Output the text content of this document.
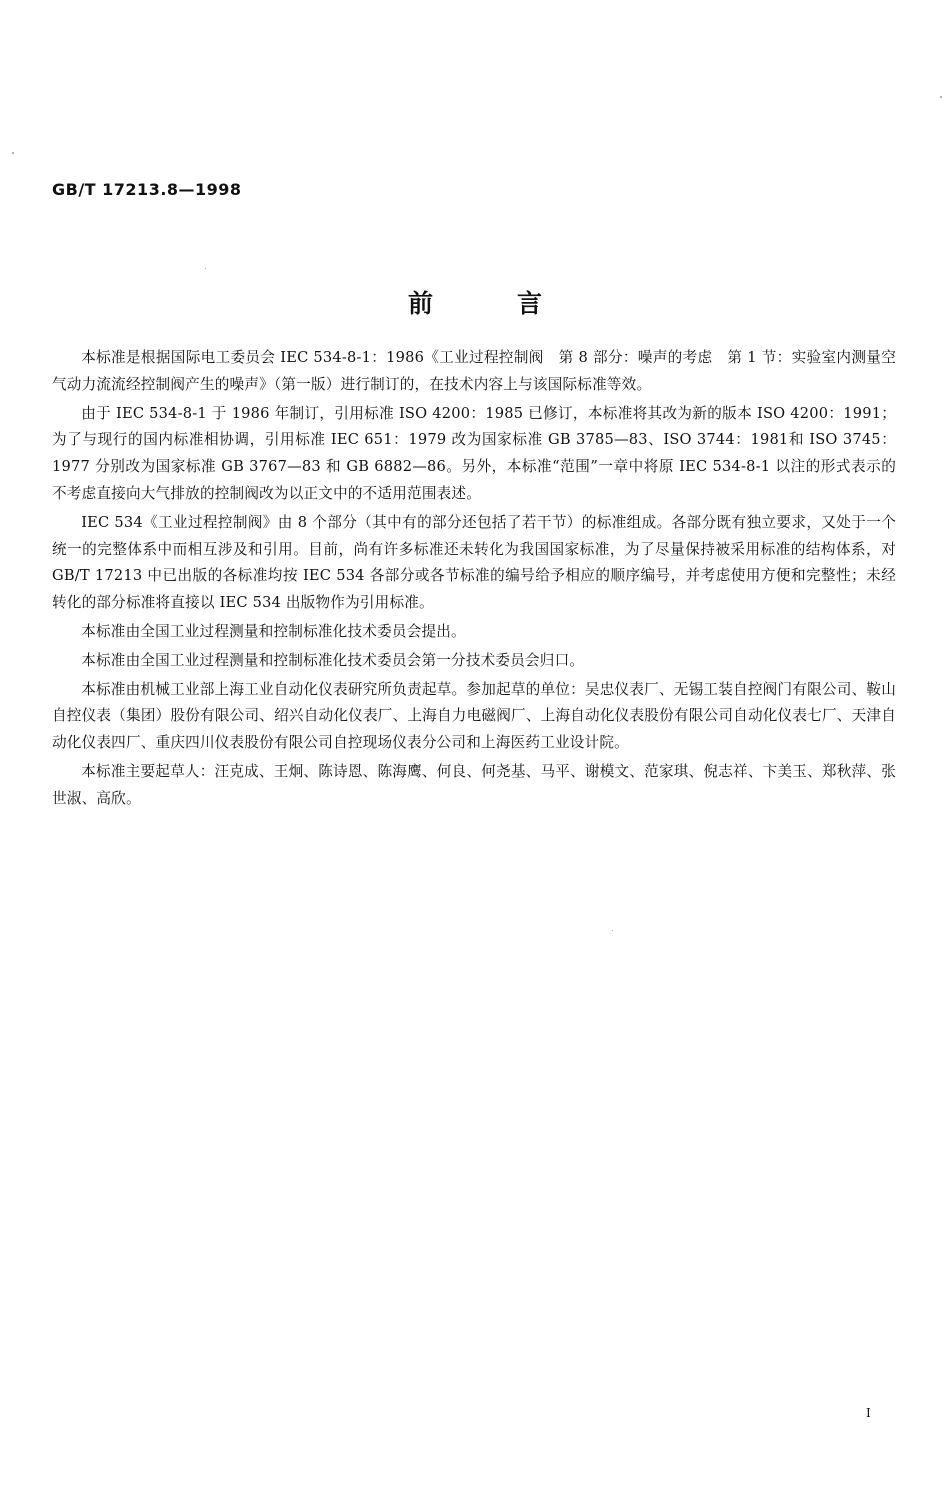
GB/T 17213.8—1998
前言

本标准是根据国际电工委员会 IEC 534-8-1：1986《工业过程控制阀　第 8 部分：噪声的考虑　第 1 节：实验室内测量空气动力流流经控制阀产生的噪声》（第一版）进行制订的，在技术内容上与该国际标准等效。

由于 IEC 534-8-1 于 1986 年制订，引用标准 ISO 4200：1985 已修订，本标准将其改为新的版本 ISO 4200：1991；为了与现行的国内标准相协调，引用标准 IEC 651：1979 改为国家标准 GB 3785—83、ISO 3744：1981和 ISO 3745：1977 分别改为国家标准 GB 3767—83 和 GB 6882—86。另外，本标准“范围”一章中将原 IEC 534-8-1 以注的形式表示的不考虑直接向大气排放的控制阀改为以正文中的不适用范围表述。

IEC 534《工业过程控制阀》由 8 个部分（其中有的部分还包括了若干节）的标准组成。各部分既有独立要求，又处于一个统一的完整体系中而相互涉及和引用。目前，尚有许多标准还未转化为我国国家标准，为了尽量保持被采用标准的结构体系，对 GB/T 17213 中已出版的各标准均按 IEC 534 各部分或各节标准的编号给予相应的顺序编号，并考虑使用方便和完整性；未经转化的部分标准将直接以 IEC 534 出版物作为引用标准。

本标准由全国工业过程测量和控制标准化技术委员会提出。

本标准由全国工业过程测量和控制标准化技术委员会第一分技术委员会归口。

本标准由机械工业部上海工业自动化仪表研究所负责起草。参加起草的单位：吴忠仪表厂、无锡工装自控阀门有限公司、鞍山自控仪表（集团）股份有限公司、绍兴自动化仪表厂、上海自力电磁阀厂、上海自动化仪表股份有限公司自动化仪表七厂、天津自动化仪表四厂、重庆四川仪表股份有限公司自控现场仪表分公司和上海医药工业设计院。

本标准主要起草人：汪克成、王炯、陈诗恩、陈海鹰、何良、何尧基、马平、谢模文、范家琪、倪志祥、卞美玉、郑秋萍、张世淑、高欣。

I
